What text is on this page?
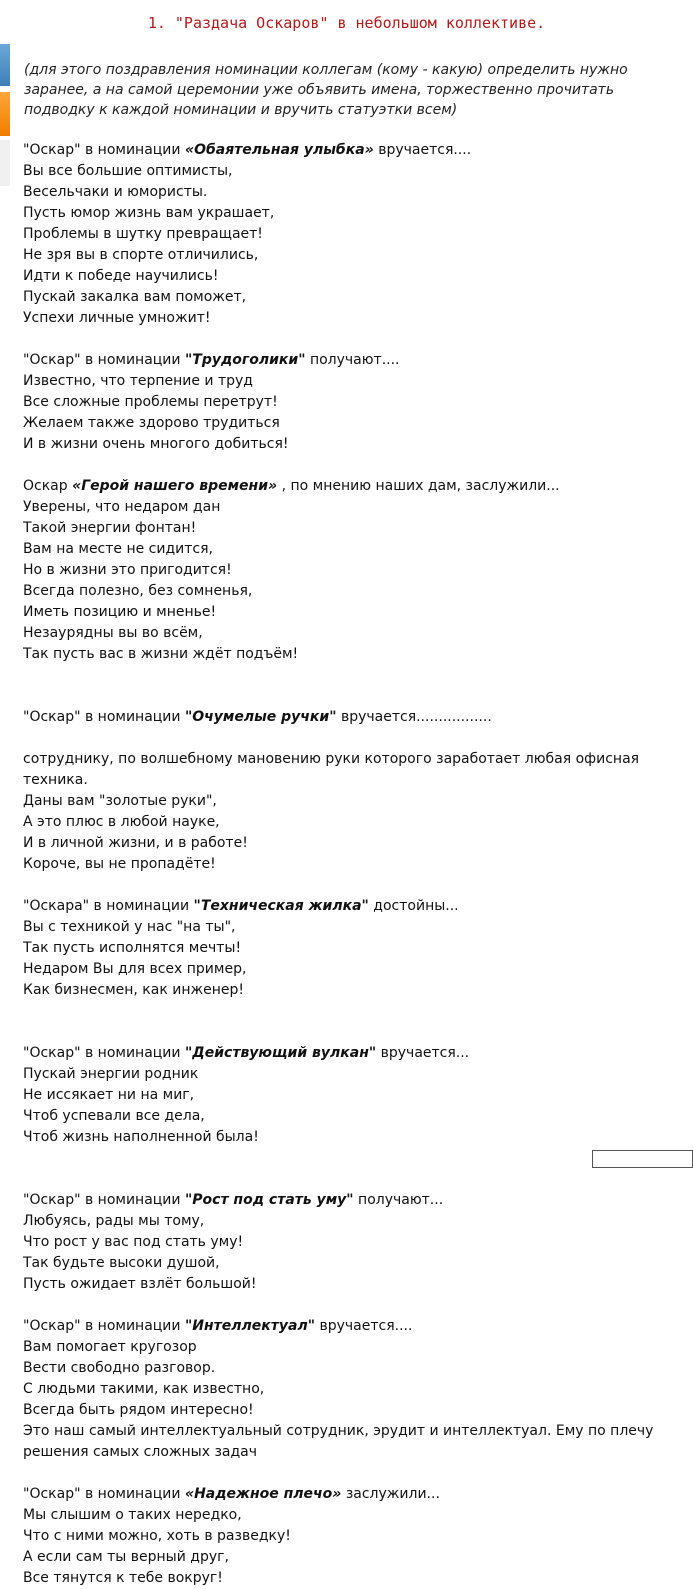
1. "Раздача Оскаров" в небольшом коллективе.
(для этого поздравления номинации коллегам (кому - какую) определить нужно
заранее, а на самой церемонии уже объявить имена, торжественно прочитать
подводку к каждой номинации и вручить статуэтки всем)
"Оскар" в номинации «Обаятельная улыбка» вручается....
Вы все большие оптимисты,
Весельчаки и юмористы.
Пусть юмор жизнь вам украшает,
Проблемы в шутку превращает!
Не зря вы в спорте отличились,
Идти к победе научились!
Пускай закалка вам поможет,
Успехи личные умножит!
"Оскар" в номинации "Трудоголики" получают....
Известно, что терпение и труд
Все сложные проблемы перетрут!
Желаем также здорово трудиться
И в жизни очень многого добиться!
Оскар «Герой нашего времени» , по мнению наших дам, заслужили...
Уверены, что недаром дан
Такой энергии фонтан!
Вам на месте не сидится,
Но в жизни это пригодится!
Всегда полезно, без сомненья,
Иметь позицию и мненье!
Незаурядны вы во всём,
Так пусть вас в жизни ждёт подъём!
"Оскар" в номинации "Очумелые ручки" вручается.................
сотруднику, по волшебному мановению руки которого заработает любая офисная техника.
Даны вам "золотые руки",
А это плюс в любой науке,
И в личной жизни, и в работе!
Короче, вы не пропадёте!
"Оскара" в номинации "Техническая жилка" достойны...
Вы с техникой у нас "на ты",
Так пусть исполнятся мечты!
Недаром Вы для всех пример,
Как бизнесмен, как инженер!
"Оскар" в номинации "Действующий вулкан" вручается...
Пускай энергии родник
Не иссякает ни на миг,
Чтоб успевали все дела,
Чтоб жизнь наполненной была!
"Оскар" в номинации "Рост под стать уму" получают...
Любуясь, рады мы тому,
Что рост у вас под стать уму!
Так будьте высоки душой,
Пусть ожидает взлёт большой!
"Оскар" в номинации "Интеллектуал" вручается....
Вам помогает кругозор
Вести свободно разговор.
С людьми такими, как известно,
Всегда быть рядом интересно!
Это наш самый интеллектуальный сотрудник, эрудит и интеллектуал. Ему по плечу решения самых сложных задач
"Оскар" в номинации «Надежное плечо» заслужили...
Мы слышим о таких нередко,
Что с ними можно, хоть в разведку!
А если сам ты верный друг,
Все тянутся к тебе вокруг!
